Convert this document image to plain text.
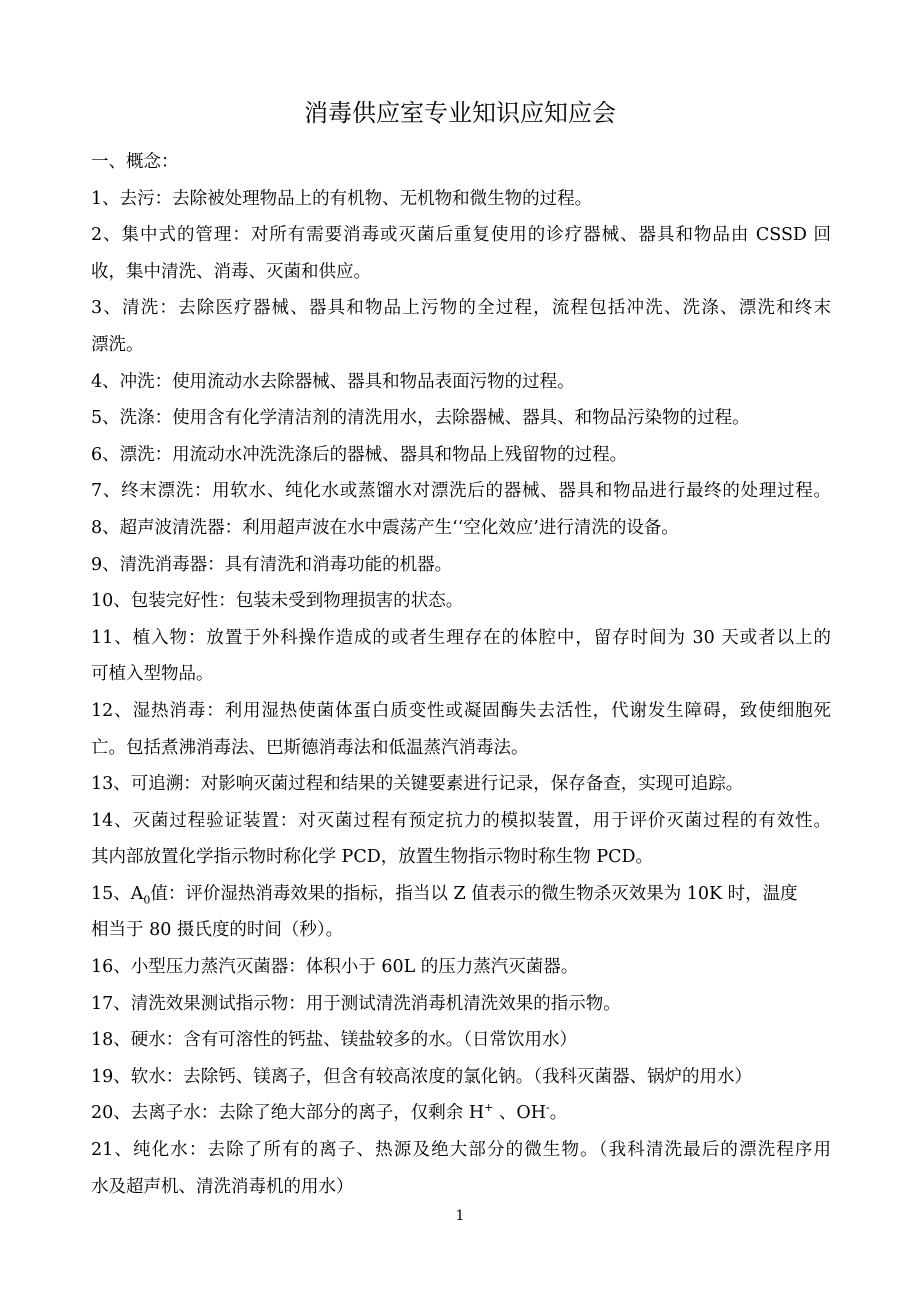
消毒供应室专业知识应知应会
一、概念：
1、去污：去除被处理物品上的有机物、无机物和微生物的过程。
2、集中式的管理：对所有需要消毒或灭菌后重复使用的诊疗器械、器具和物品由 CSSD 回
收，集中清洗、消毒、灭菌和供应。
3、清洗：去除医疗器械、器具和物品上污物的全过程，流程包括冲洗、洗涤、漂洗和终末
漂洗。
4、冲洗：使用流动水去除器械、器具和物品表面污物的过程。
5、洗涤：使用含有化学清洁剂的清洗用水，去除器械、器具、和物品污染物的过程。
6、漂洗：用流动水冲洗洗涤后的器械、器具和物品上残留物的过程。
7、终末漂洗：用软水、纯化水或蒸馏水对漂洗后的器械、器具和物品进行最终的处理过程。
8、超声波清洗器：利用超声波在水中震荡产生‘‘空化效应’进行清洗的设备。
9、清洗消毒器：具有清洗和消毒功能的机器。
10、包装完好性：包装未受到物理损害的状态。
11、植入物：放置于外科操作造成的或者生理存在的体腔中，留存时间为 30 天或者以上的
可植入型物品。
12、湿热消毒：利用湿热使菌体蛋白质变性或凝固酶失去活性，代谢发生障碍，致使细胞死
亡。包括煮沸消毒法、巴斯德消毒法和低温蒸汽消毒法。
13、可追溯：对影响灭菌过程和结果的关键要素进行记录，保存备查，实现可追踪。
14、灭菌过程验证装置：对灭菌过程有预定抗力的模拟装置，用于评价灭菌过程的有效性。
其内部放置化学指示物时称化学 PCD，放置生物指示物时称生物 PCD。
15、$A_0$值：评价湿热消毒效果的指标，指当以 Z 值表示的微生物杀灭效果为 10K 时，温度
相当于 80 摄氏度的时间（秒）。
16、小型压力蒸汽灭菌器：体积小于 60L 的压力蒸汽灭菌器。
17、清洗效果测试指示物：用于测试清洗消毒机清洗效果的指示物。
18、硬水：含有可溶性的钙盐、镁盐较多的水。（日常饮用水）
19、软水：去除钙、镁离子，但含有较高浓度的氯化钠。（我科灭菌器、锅炉的用水）
20、去离子水：去除了绝大部分的离子，仅剩余 H+ 、OH-。
21、纯化水：去除了所有的离子、热源及绝大部分的微生物。（我科清洗最后的漂洗程序用
水及超声机、清洗消毒机的用水）
1
